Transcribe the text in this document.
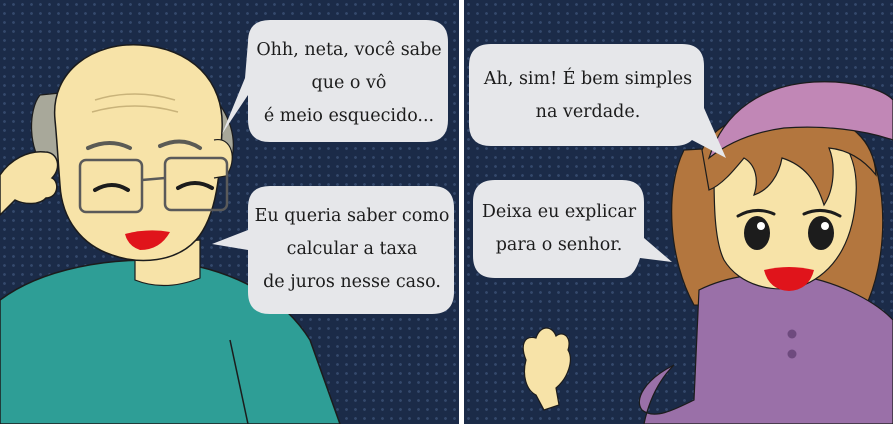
Ohh, neta, você sabe
que o vô
é meio esquecido...
Eu queria saber como
calcular a taxa
de juros nesse caso.
Ah, sim! É bem simples
na verdade.
Deixa eu explicar
para o senhor.
